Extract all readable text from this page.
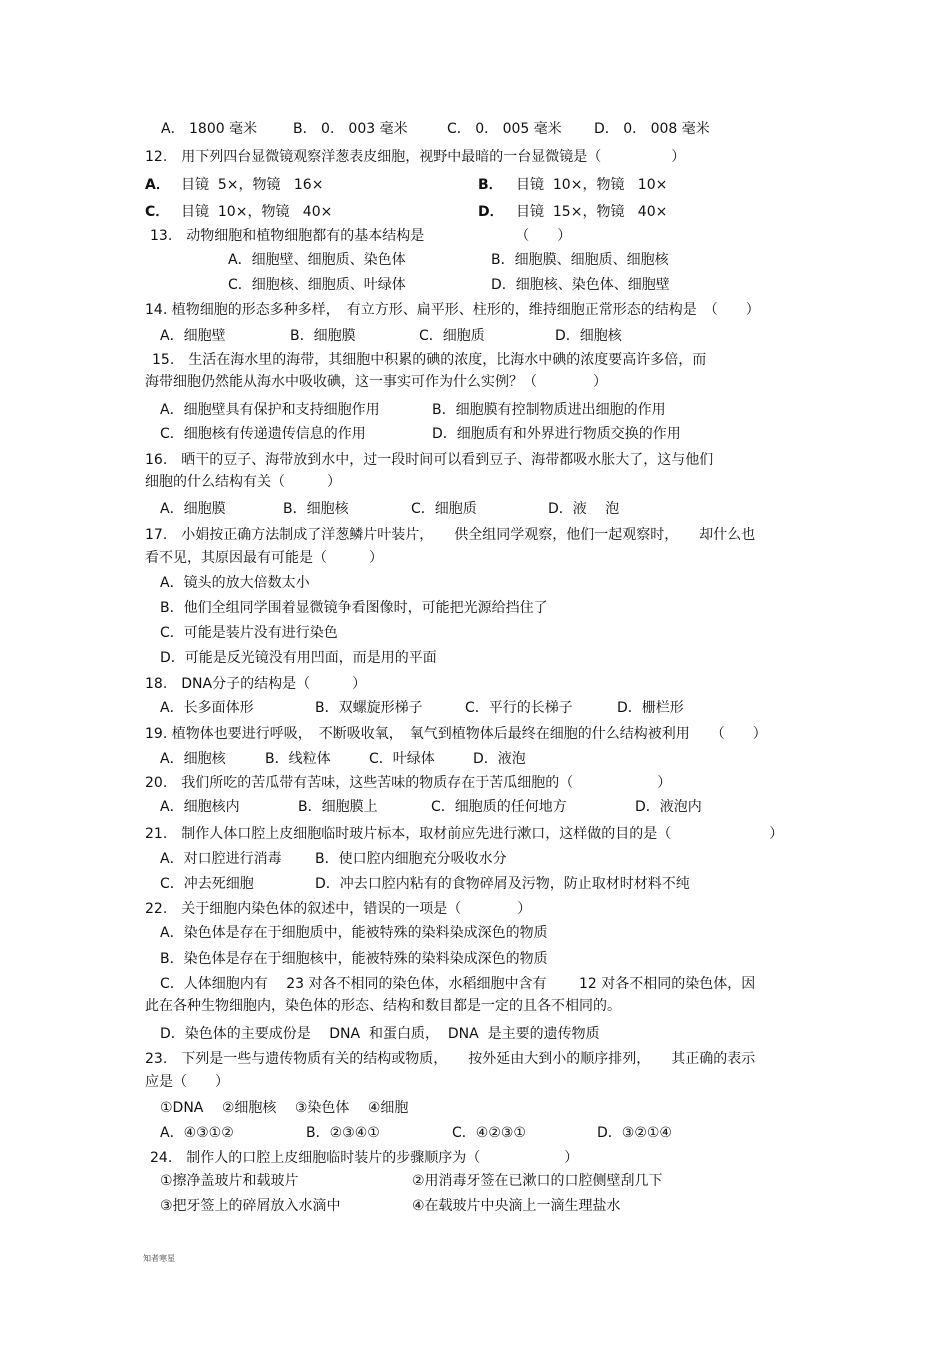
A． 1800 毫米	B． 0． 003 毫米	C． 0． 005 毫米 D． 0． 008 毫米
12.　用下列四台显微镜观察洋葱表皮细胞，视野中最暗的一台显微镜是（　　　　　）
A． 目镜  5×，物镜   16×	B． 目镜  10×，物镜   10×
C． 目镜  10×，物镜   40×	D． 目镜  15×，物镜   40×
13.　动物细胞和植物细胞都有的基本结构是　　　　　　　（　　）
A．细胞壁、细胞质、染色体	B．细胞膜、细胞质、细胞核
C．细胞核、细胞质、叶绿体	D．细胞核、染色体、细胞壁
14. 植物细胞的形态多种多样，　有立方形、扁平形、柱形的，维持细胞正常形态的结构是　（　　）
A．细胞壁	B．细胞膜	C．细胞质	D．细胞核
15.　生活在海水里的海带，其细胞中积累的碘的浓度，比海水中碘的浓度要高许多倍，而
海带细胞仍然能从海水中吸收碘，这一事实可作为什么实例？（　　　　）
A．细胞壁具有保护和支持细胞作用	B．细胞膜有控制物质进出细胞的作用
C．细胞核有传递遗传信息的作用	D．细胞质有和外界进行物质交换的作用
16.　晒干的豆子、海带放到水中，过一段时间可以看到豆子、海带都吸水胀大了，这与他们
细胞的什么结构有关（　　　）
A．细胞膜	B．细胞核	C．细胞质	D．液　 泡
17.　小娟按正确方法制成了洋葱鳞片叶装片，　　供全组同学观察，他们一起观察时，　　却什么也
看不见，其原因最有可能是（　　　）
A．镜头的放大倍数太小
B．他们全组同学围着显微镜争看图像时，可能把光源给挡住了
C．可能是装片没有进行染色
D．可能是反光镜没有用凹面，而是用的平面
18.　DNA分子的结构是（　　　）
A．长多面体形	B．双螺旋形梯子	C．平行的长梯子	D．栅栏形
19. 植物体也要进行呼吸，　不断吸收氧，　氧气到植物体后最终在细胞的什么结构被利用　　（　　）
A．细胞核	B．线粒体	C．叶绿体	D．液泡
20.　我们所吃的苦瓜带有苦味，这些苦味的物质存在于苦瓜细胞的（　　　　　　）
A．细胞核内	B．细胞膜上	C．细胞质的任何地方	D．液泡内
21.　制作人体口腔上皮细胞临时玻片标本，取材前应先进行漱口，这样做的目的是（　　　　　　　）
A．对口腔进行消毒 B．使口腔内细胞充分吸收水分
C．冲去死细胞	D．冲去口腔内粘有的食物碎屑及污物，防止取材时材料不纯
22.　关于细胞内染色体的叙述中，错误的一项是（　　　　）
A．染色体是存在于细胞质中，能被特殊的染料染成深色的物质
B．染色体是存在于细胞核中，能被特殊的染料染成深色的物质
C．人体细胞内有　 23 对各不相同的染色体，水稻细胞中含有　　 12 对各不相同的染色体，因
此在各种生物细胞内，染色体的形态、结构和数目都是一定的且各不相同的。
D．染色体的主要成份是　 DNA  和蛋白质，  DNA  是主要的遗传物质
23.　下列是一些与遗传物质有关的结构或物质，　　按外延由大到小的顺序排列，　　其正确的表示
应是（　　）
①DNA　 ②细胞核　 ③染色体　 ④细胞
A．④③①②	B．②③④①	C．④②③①	D．③②①④
24.　制作人的口腔上皮细胞临时装片的步骤顺序为（　　　　　　）
①擦净盖玻片和载玻片	②用消毒牙签在已漱口的口腔侧壁刮几下
③把牙签上的碎屑放入水滴中	④在载玻片中央滴上一滴生理盐水
知者寒星
